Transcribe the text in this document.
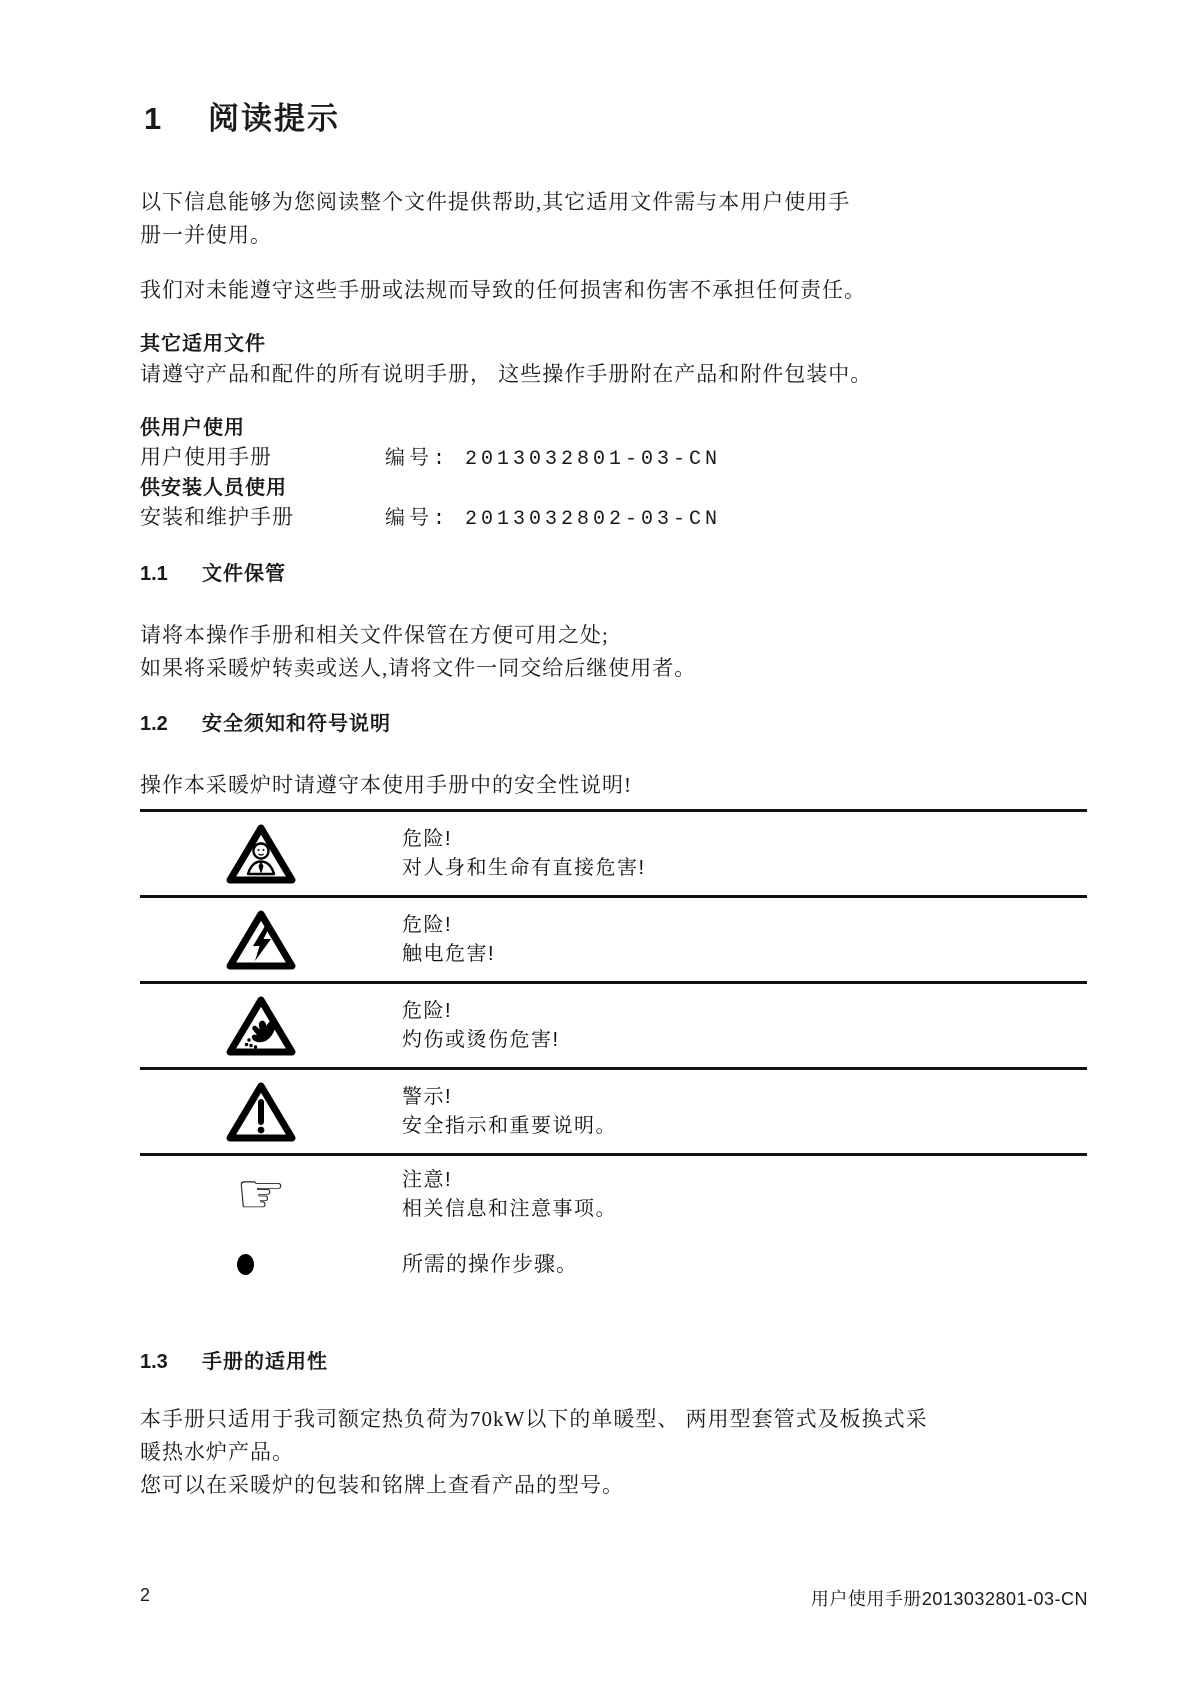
1 阅读提示
以下信息能够为您阅读整个文件提供帮助,其它适用文件需与本用户使用手
册一并使用。
我们对未能遵守这些手册或法规而导致的任何损害和伤害不承担任何责任。
其它适用文件
请遵守产品和配件的所有说明手册， 这些操作手册附在产品和附件包装中。
供用户使用
用户使用手册	编号: 2013032801-03-CN
供安装人员使用
安装和维护手册	编号: 2013032802-03-CN
1.1 文件保管
请将本操作手册和相关文件保管在方便可用之处;
如果将采暖炉转卖或送人,请将文件一同交给后继使用者。
1.2 安全须知和符号说明
操作本采暖炉时请遵守本使用手册中的安全性说明!
危险!
对人身和生命有直接危害!
危险!
触电危害!
危险!
灼伤或烫伤危害!
警示!
安全指示和重要说明。
☞	注意!
相关信息和注意事项。
所需的操作步骤。
1.3 手册的适用性
本手册只适用于我司额定热负荷为70kW以下的单暖型、 两用型套管式及板换式采
暖热水炉产品。
您可以在采暖炉的包装和铭牌上查看产品的型号。
2	用户使用手册2013032801-03-CN
